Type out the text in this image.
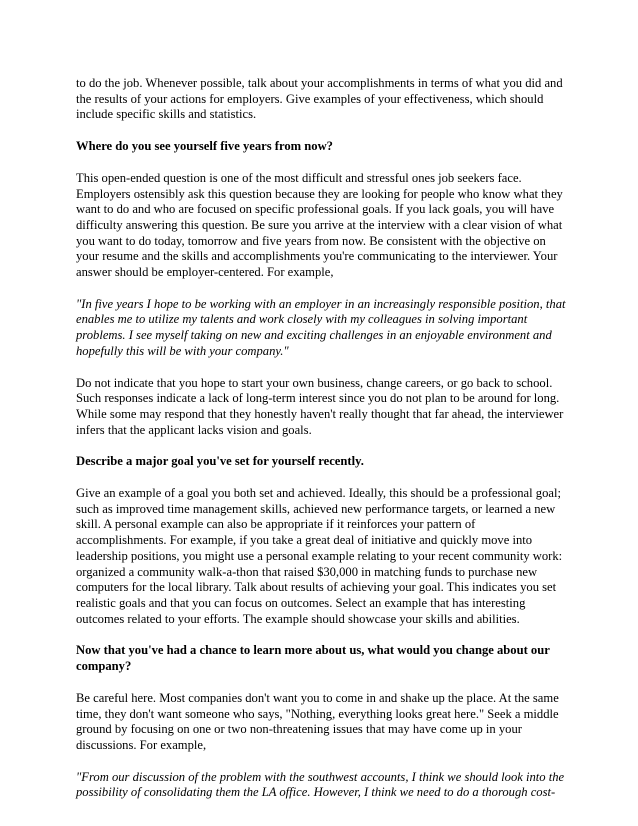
to do the job. Whenever possible, talk about your accomplishments in terms of what you did and the results of your actions for employers. Give examples of your effectiveness, which should include specific skills and statistics.

Where do you see yourself five years from now?

This open-ended question is one of the most difficult and stressful ones job seekers face. Employers ostensibly ask this question because they are looking for people who know what they want to do and who are focused on specific professional goals. If you lack goals, you will have difficulty answering this question. Be sure you arrive at the interview with a clear vision of what you want to do today, tomorrow and five years from now. Be consistent with the objective on your resume and the skills and accomplishments you're communicating to the interviewer. Your answer should be employer-centered. For example,

"In five years I hope to be working with an employer in an increasingly responsible position, that enables me to utilize my talents and work closely with my colleagues in solving important problems. I see myself taking on new and exciting challenges in an enjoyable environment and hopefully this will be with your company."

Do not indicate that you hope to start your own business, change careers, or go back to school. Such responses indicate a lack of long-term interest since you do not plan to be around for long. While some may respond that they honestly haven't really thought that far ahead, the interviewer infers that the applicant lacks vision and goals.

Describe a major goal you've set for yourself recently.

Give an example of a goal you both set and achieved. Ideally, this should be a professional goal; such as improved time management skills, achieved new performance targets, or learned a new skill. A personal example can also be appropriate if it reinforces your pattern of accomplishments. For example, if you take a great deal of initiative and quickly move into leadership positions, you might use a personal example relating to your recent community work: organized a community walk-a-thon that raised $30,000 in matching funds to purchase new computers for the local library. Talk about results of achieving your goal. This indicates you set realistic goals and that you can focus on outcomes. Select an example that has interesting outcomes related to your efforts. The example should showcase your skills and abilities.

Now that you've had a chance to learn more about us, what would you change about our company?

Be careful here. Most companies don't want you to come in and shake up the place. At the same time, they don't want someone who says, "Nothing, everything looks great here." Seek a middle ground by focusing on one or two non-threatening issues that may have come up in your discussions. For example,

"From our discussion of the problem with the southwest accounts, I think we should look into the possibility of consolidating them the LA office. However, I think we need to do a thorough cost-
